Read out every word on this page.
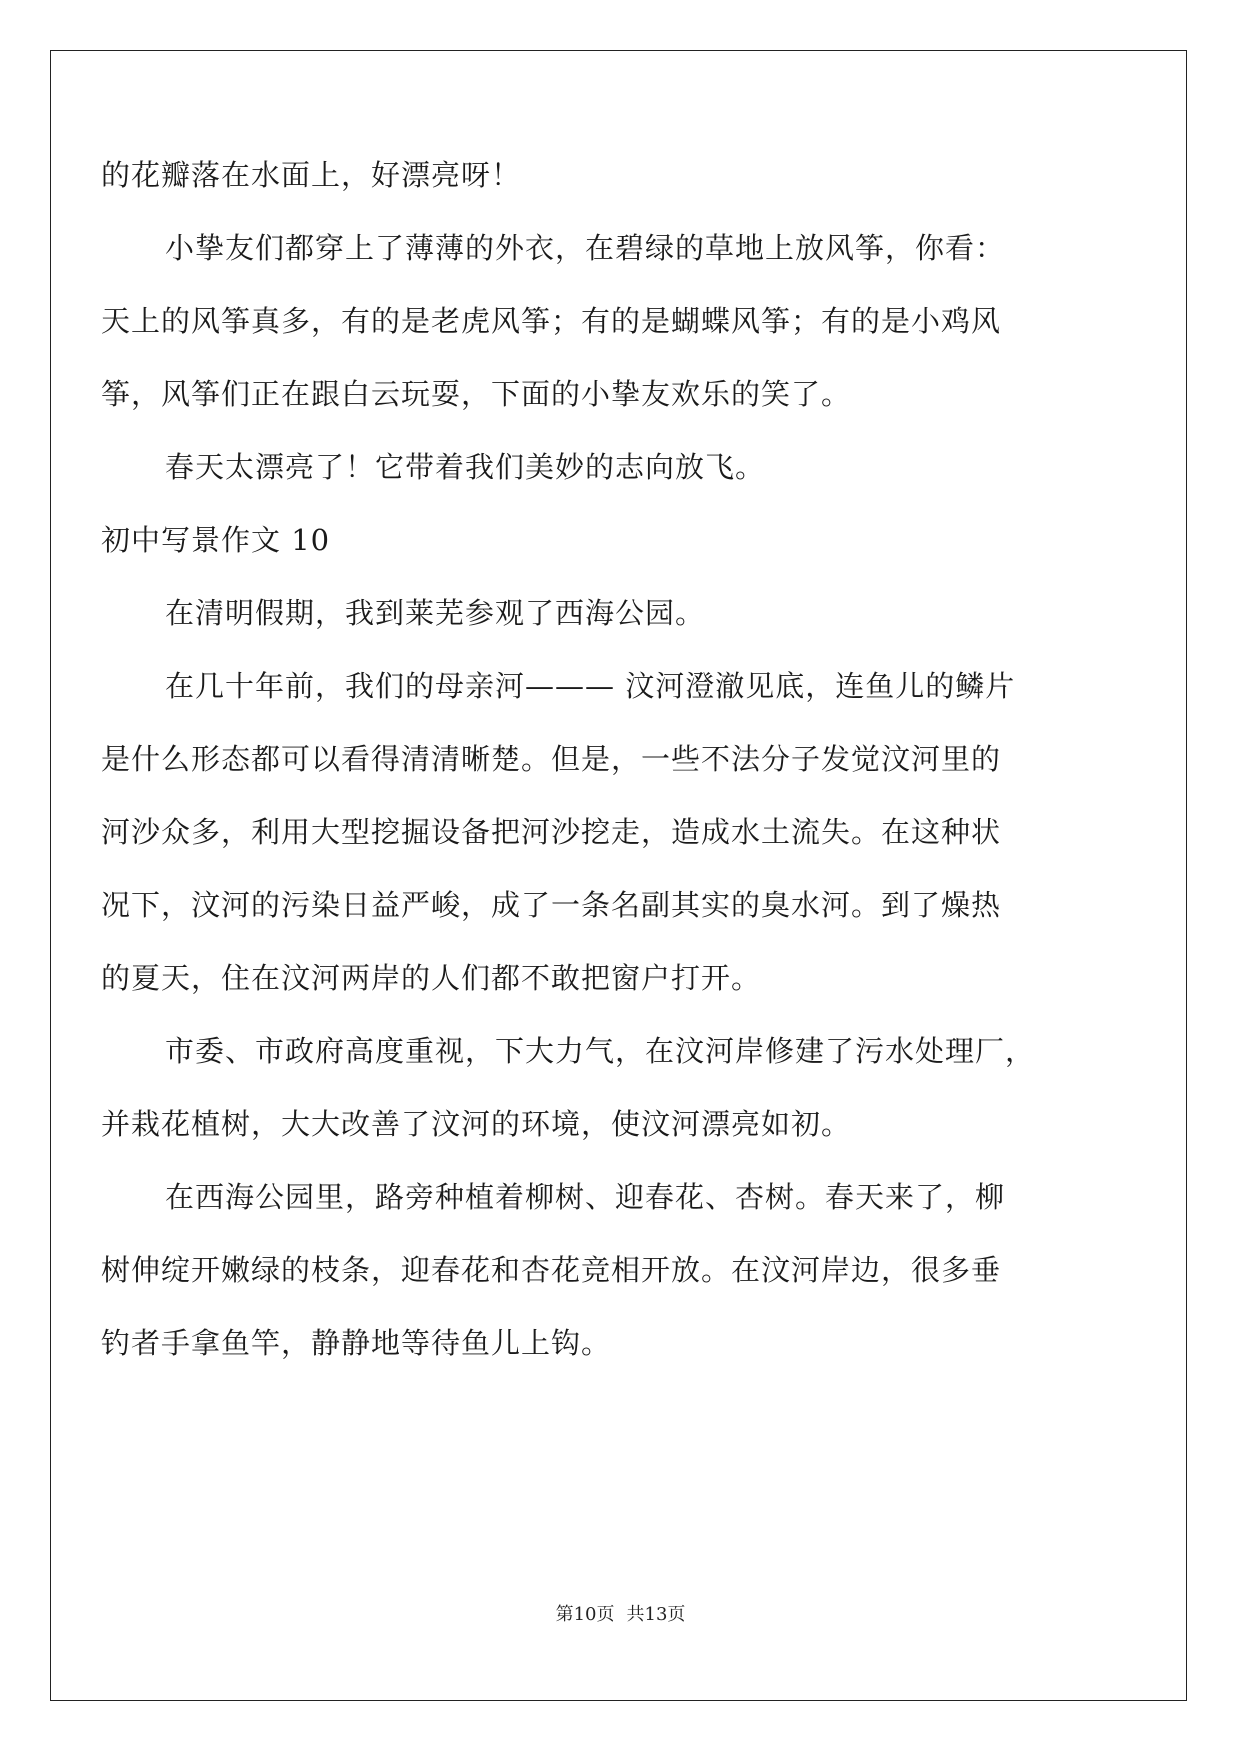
的花瓣落在水面上，好漂亮呀！
小挚友们都穿上了薄薄的外衣，在碧绿的草地上放风筝，你看：
天上的风筝真多，有的是老虎风筝；有的是蝴蝶风筝；有的是小鸡风
筝，风筝们正在跟白云玩耍，下面的小挚友欢乐的笑了。
春天太漂亮了！它带着我们美妙的志向放飞。
初中写景作文 10
在清明假期，我到莱芜参观了西海公园。
在几十年前，我们的母亲河——— 汶河澄澈见底，连鱼儿的鳞片
是什么形态都可以看得清清晰楚。但是，一些不法分子发觉汶河里的
河沙众多，利用大型挖掘设备把河沙挖走，造成水土流失。在这种状
况下，汶河的污染日益严峻，成了一条名副其实的臭水河。到了燥热
的夏天，住在汶河两岸的人们都不敢把窗户打开。
市委、市政府高度重视，下大力气，在汶河岸修建了污水处理厂，
并栽花植树，大大改善了汶河的环境，使汶河漂亮如初。
在西海公园里，路旁种植着柳树、迎春花、杏树。春天来了，柳
树伸绽开嫩绿的枝条，迎春花和杏花竞相开放。在汶河岸边，很多垂
钓者手拿鱼竿，静静地等待鱼儿上钩。
第10页 共13页
